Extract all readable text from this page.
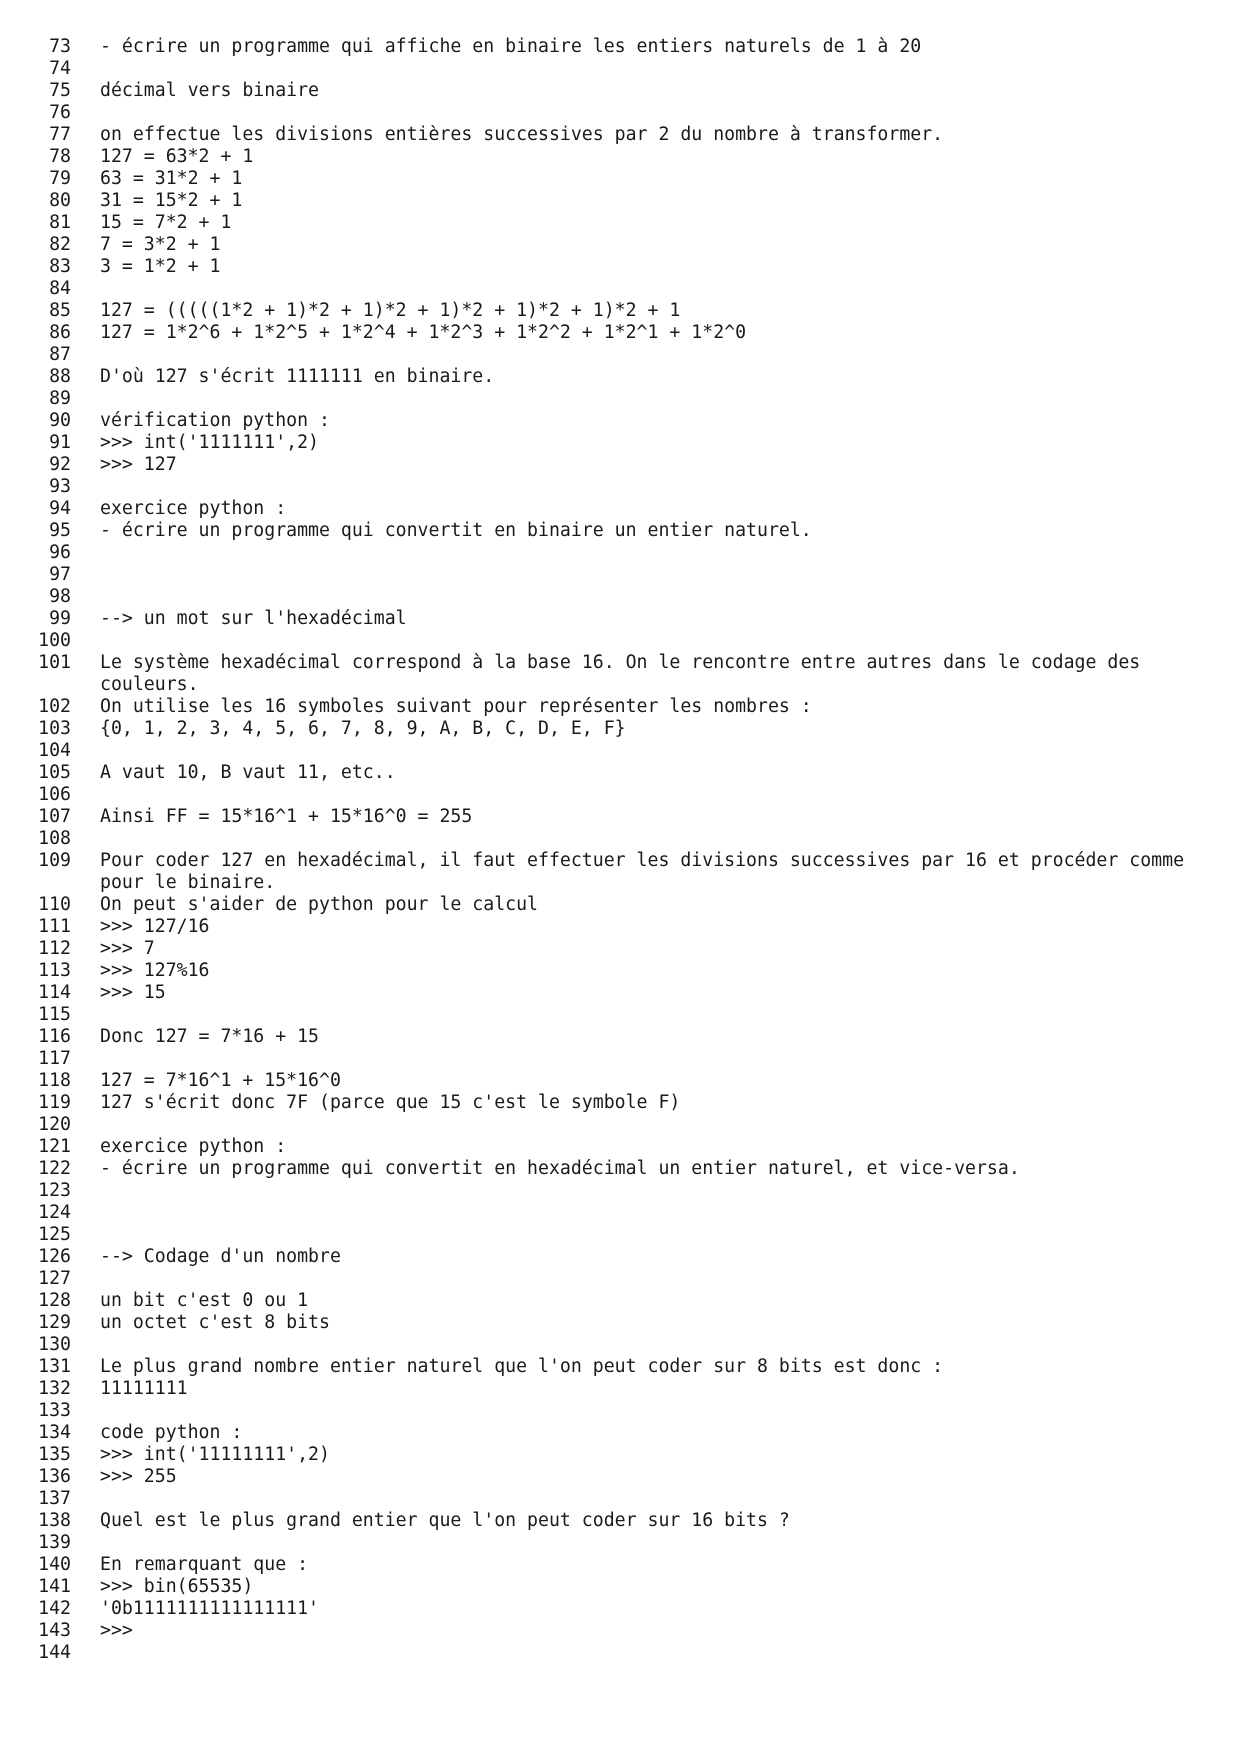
73 - écrire un programme qui affiche en binaire les entiers naturels de 1 à 20
74
75 décimal vers binaire
76
77 on effectue les divisions entières successives par 2 du nombre à transformer.
78 127 = 63*2 + 1
79 63 = 31*2 + 1
80 31 = 15*2 + 1
81 15 = 7*2 + 1
82 7 = 3*2 + 1
83 3 = 1*2 + 1
84
85 127 = (((((1*2 + 1)*2 + 1)*2 + 1)*2 + 1)*2 + 1)*2 + 1
86 127 = 1*2^6 + 1*2^5 + 1*2^4 + 1*2^3 + 1*2^2 + 1*2^1 + 1*2^0
87
88 D'où 127 s'écrit 1111111 en binaire.
89
90 vérification python :
91 >>> int('1111111',2)
92 >>> 127
93
94 exercice python :
95 - écrire un programme qui convertit en binaire un entier naturel.
96
97
98
99 --> un mot sur l'hexadécimal
100
101 Le système hexadécimal correspond à la base 16. On le rencontre entre autres dans le codage des couleurs.
102 On utilise les 16 symboles suivant pour représenter les nombres :
103 {0, 1, 2, 3, 4, 5, 6, 7, 8, 9, A, B, C, D, E, F}
104
105 A vaut 10, B vaut 11, etc..
106
107 Ainsi FF = 15*16^1 + 15*16^0 = 255
108
109 Pour coder 127 en hexadécimal, il faut effectuer les divisions successives par 16 et procéder comme pour le binaire.
110 On peut s'aider de python pour le calcul
111 >>> 127/16
112 >>> 7
113 >>> 127%16
114 >>> 15
115
116 Donc 127 = 7*16 + 15
117
118 127 = 7*16^1 + 15*16^0
119 127 s'écrit donc 7F (parce que 15 c'est le symbole F)
120
121 exercice python :
122 - écrire un programme qui convertit en hexadécimal un entier naturel, et vice-versa.
123
124
125
126 --> Codage d'un nombre
127
128 un bit c'est 0 ou 1
129 un octet c'est 8 bits
130
131 Le plus grand nombre entier naturel que l'on peut coder sur 8 bits est donc :
132 11111111
133
134 code python :
135 >>> int('11111111',2)
136 >>> 255
137
138 Quel est le plus grand entier que l'on peut coder sur 16 bits ?
139
140 En remarquant que :
141 >>> bin(65535)
142 '0b1111111111111111'
143 >>>
144
